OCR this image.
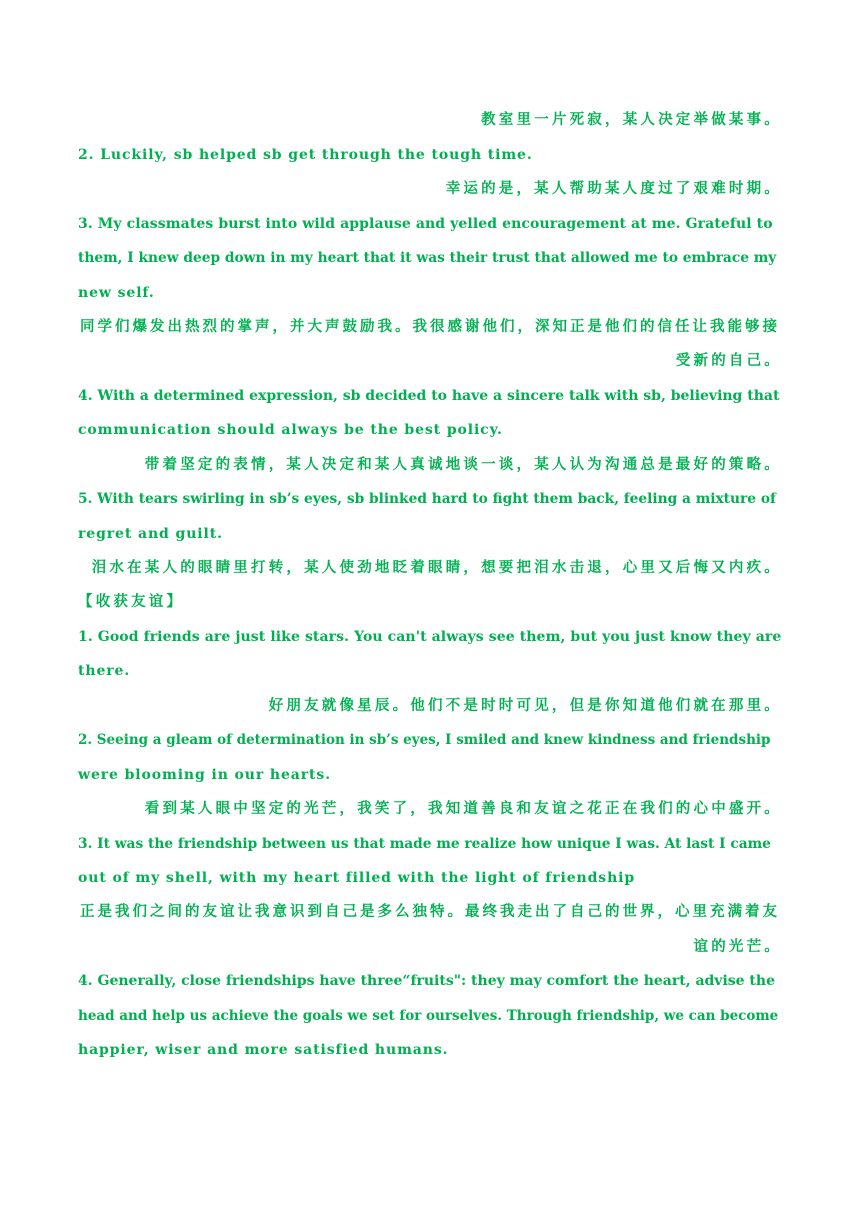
教室里一片死寂，某人决定举做某事。
2. Luckily, sb helped sb get through the tough time.
幸运的是，某人帮助某人度过了艰难时期。
3. My classmates burst into wild applause and yelled encouragement at me. Grateful to
them, I knew deep down in my heart that it was their trust that allowed me to embrace my
new self.
同学们爆发出热烈的掌声，并大声鼓励我。我很感谢他们，深知正是他们的信任让我能够接
受新的自己。
4. With a determined expression, sb decided to have a sincere talk with sb, believing that
communication should always be the best policy.
带着坚定的表情，某人决定和某人真诚地谈一谈，某人认为沟通总是最好的策略。
5. With tears swirling in sb’s eyes, sb blinked hard to fight them back, feeling a mixture of
regret and guilt.
泪水在某人的眼睛里打转，某人使劲地眨着眼睛，想要把泪水击退，心里又后悔又内疚。
【收获友谊】
1. Good friends are just like stars. You can't always see them, but you just know they are
there.
好朋友就像星辰。他们不是时时可见，但是你知道他们就在那里。
2. Seeing a gleam of determination in sb’s eyes, I smiled and knew kindness and friendship
were blooming in our hearts.
看到某人眼中坚定的光芒，我笑了，我知道善良和友谊之花正在我们的心中盛开。
3. It was the friendship between us that made me realize how unique I was. At last I came
out of my shell, with my heart filled with the light of friendship
正是我们之间的友谊让我意识到自己是多么独特。最终我走出了自己的世界，心里充满着友
谊的光芒。
4. Generally, close friendships have three“fruits": they may comfort the heart, advise the
head and help us achieve the goals we set for ourselves. Through friendship, we can become
happier, wiser and more satisfied humans.
